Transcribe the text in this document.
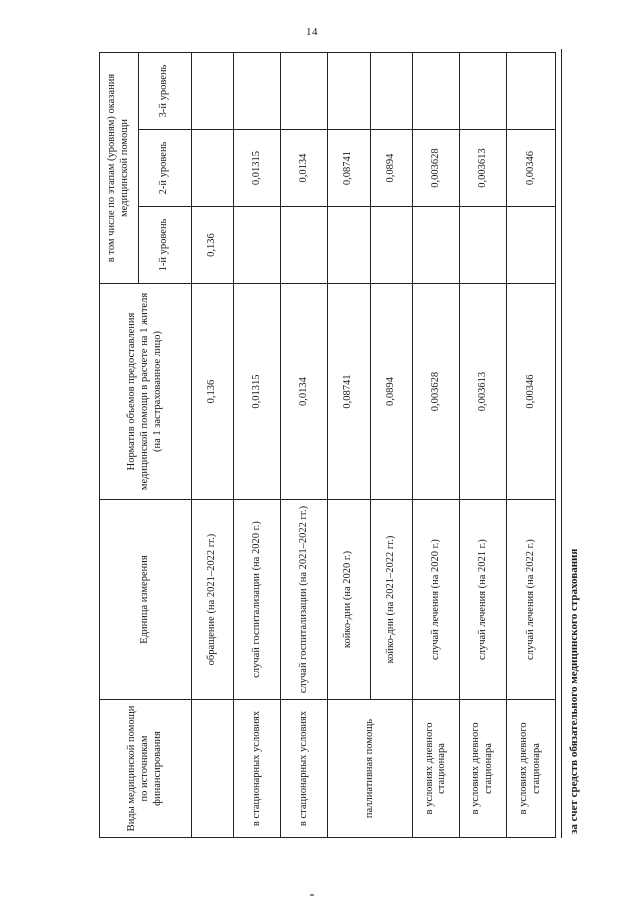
14
Виды медицинской помощи по источникам финансирования	Единица измерения	Норматив объемов предоставления медицинской помощи в расчете на 1 жителя (на 1 застрахованное лицо)	в том числе по этапам (уровням) оказания медицинской помощи		
			1-й уровень	2-й уровень	3-й уровень
	обращение (на 2021–2022 гг.)	0,136	0,136		
в стационарных условиях	случай госпитализации (на 2020 г.)	0,01315		0,01315	
в стационарных условиях	случай госпитализации (на 2021–2022 гг.)	0,0134		0,0134	
паллиативная помощь	койко-дни (на 2020 г.)	0,08741		0,08741	
	койко-дни (на 2021–2022 гг.)	0,0894		0,0894	
в условиях дневного стационара	случай лечения (на 2020 г.)	0,003628		0,003628	
в условиях дневного стационара	случай лечения (на 2021 г.)	0,003613		0,003613	
в условиях дневного стационара	случай лечения (на 2022 г.)	0,00346		0,00346	
за счет средств обязательного медицинского страхования
